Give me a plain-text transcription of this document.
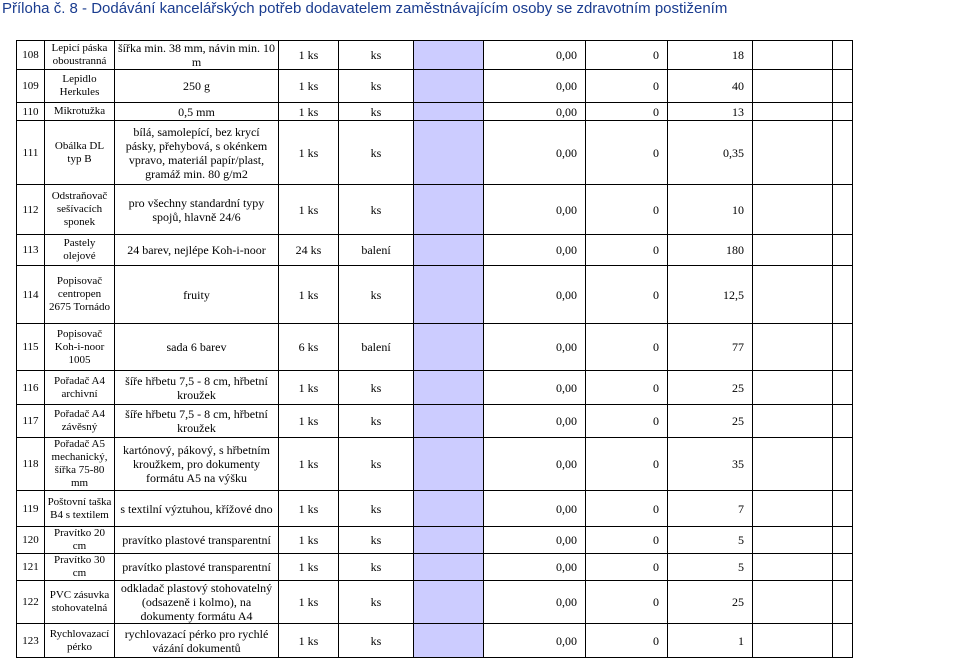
Příloha č. 8 - Dodávání kancelářských potřeb dodavatelem zaměstnávajícím osoby se zdravotním postižením
108	Lepicí páska oboustranná	šířka min. 38 mm, návin min. 10 m	1 ks	ks		0,00	0	18		
109	Lepidlo Herkules	250 g	1 ks	ks		0,00	0	40		
110	Mikrotužka	0,5 mm	1 ks	ks		0,00	0	13		
111	Obálka DL typ B	bílá, samolepící, bez krycí pásky, přehybová, s okénkem vpravo, materiál papír/plast, gramáž min. 80 g/m2	1 ks	ks		0,00	0	0,35		
112	Odstraňovač sešívacích sponek	pro všechny standardní typy spojů, hlavně 24/6	1 ks	ks		0,00	0	10		
113	Pastely olejové	24 barev, nejlépe Koh-i-noor	24 ks	balení		0,00	0	180		
114	Popisovač centropen 2675 Tornádo	fruity	1 ks	ks		0,00	0	12,5		
115	Popisovač Koh-i-noor 1005	sada 6 barev	6 ks	balení		0,00	0	77		
116	Pořadač A4 archivní	šíře hřbetu 7,5 - 8 cm, hřbetní kroužek	1 ks	ks		0,00	0	25		
117	Pořadač A4 závěsný	šíře hřbetu 7,5 - 8 cm, hřbetní kroužek	1 ks	ks		0,00	0	25		
118	Pořadač A5 mechanický, šířka 75-80 mm	kartónový, pákový, s hřbetním kroužkem, pro dokumenty formátu A5 na výšku	1 ks	ks		0,00	0	35		
119	Poštovní taška B4 s textilem	s textilní výztuhou, křížové dno	1 ks	ks		0,00	0	7		
120	Pravítko 20 cm	pravítko plastové transparentní	1 ks	ks		0,00	0	5		
121	Pravítko 30 cm	pravítko plastové transparentní	1 ks	ks		0,00	0	5		
122	PVC zásuvka stohovatelná	odkladač plastový stohovatelný (odsazeně i kolmo), na dokumenty formátu A4	1 ks	ks		0,00	0	25		
123	Rychlovazací pérko	rychlovazací pérko pro rychlé vázání dokumentů	1 ks	ks		0,00	0	1		
